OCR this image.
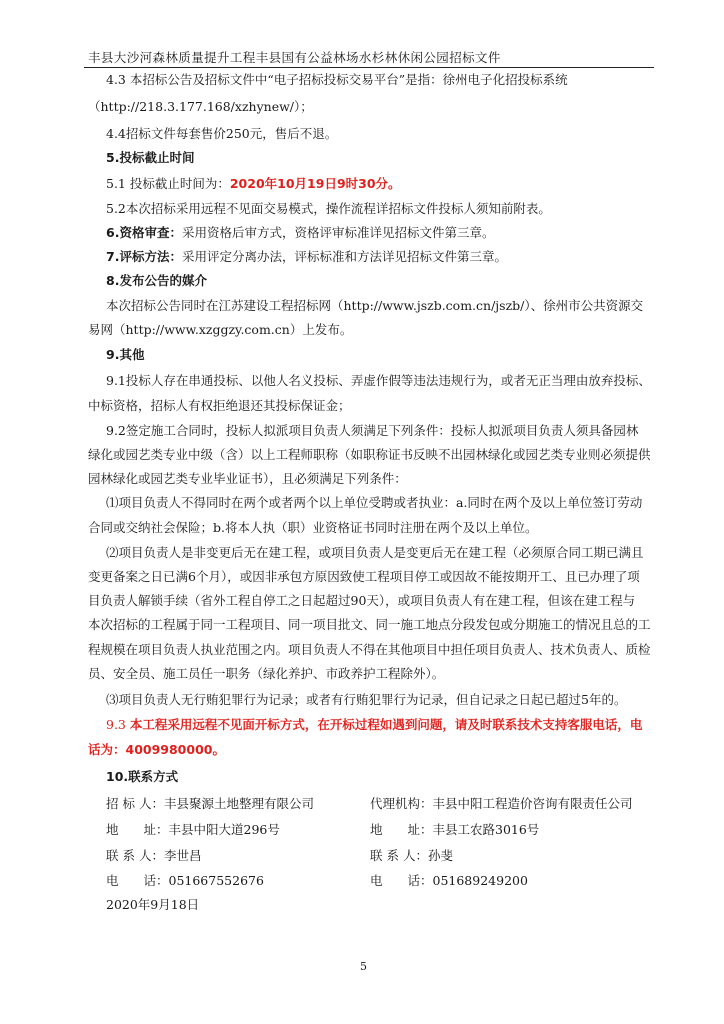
丰县大沙河森林质量提升工程丰县国有公益林场水杉林休闲公园招标文件
4.3 本招标公告及招标文件中“电子招标投标交易平台”是指：徐州电子化招投标系统
（http://218.3.177.168/xzhynew/）；
4.4招标文件每套售价250元，售后不退。
5.投标截止时间
5.1 投标截止时间为：2020年10月19日9时30分。
5.2本次招标采用远程不见面交易模式，操作流程详招标文件投标人须知前附表。
6.资格审查：采用资格后审方式，资格评审标准详见招标文件第三章。
7.评标方法：采用评定分离办法，评标标准和方法详见招标文件第三章。
8.发布公告的媒介
本次招标公告同时在江苏建设工程招标网（http://www.jszb.com.cn/jszb/）、徐州市公共资源交
易网（http://www.xzggzy.com.cn）上发布。
9.其他
9.1投标人存在串通投标、以他人名义投标、弄虚作假等违法违规行为，或者无正当理由放弃投标、
中标资格，招标人有权拒绝退还其投标保证金；
9.2签定施工合同时，投标人拟派项目负责人须满足下列条件：投标人拟派项目负责人须具备园林
绿化或园艺类专业中级（含）以上工程师职称（如职称证书反映不出园林绿化或园艺类专业则必须提供
园林绿化或园艺类专业毕业证书），且必须满足下列条件：
⑴项目负责人不得同时在两个或者两个以上单位受聘或者执业：a.同时在两个及以上单位签订劳动
合同或交纳社会保险；b.将本人执（职）业资格证书同时注册在两个及以上单位。
⑵项目负责人是非变更后无在建工程，或项目负责人是变更后无在建工程（必须原合同工期已满且
变更备案之日已满6个月），或因非承包方原因致使工程项目停工或因故不能按期开工、且已办理了项
目负责人解锁手续（省外工程自停工之日起超过90天），或项目负责人有在建工程，但该在建工程与
本次招标的工程属于同一工程项目、同一项目批文、同一施工地点分段发包或分期施工的情况且总的工
程规模在项目负责人执业范围之内。项目负责人不得在其他项目中担任项目负责人、技术负责人、质检
员、安全员、施工员任一职务（绿化养护、市政养护工程除外）。
⑶项目负责人无行贿犯罪行为记录；或者有行贿犯罪行为记录，但自记录之日起已超过5年的。
9.3 本工程采用远程不见面开标方式，在开标过程如遇到问题，请及时联系技术支持客服电话，电
话为：4009980000。
10.联系方式
招 标 人：丰县聚源土地整理有限公司	代理机构：丰县中阳工程造价咨询有限责任公司
地　　址：丰县中阳大道296号	地　　址：丰县工农路3016号
联 系 人：李世昌	联 系 人：孙斐
电　　话：051667552676	电　　话：051689249200
2020年9月18日
5
